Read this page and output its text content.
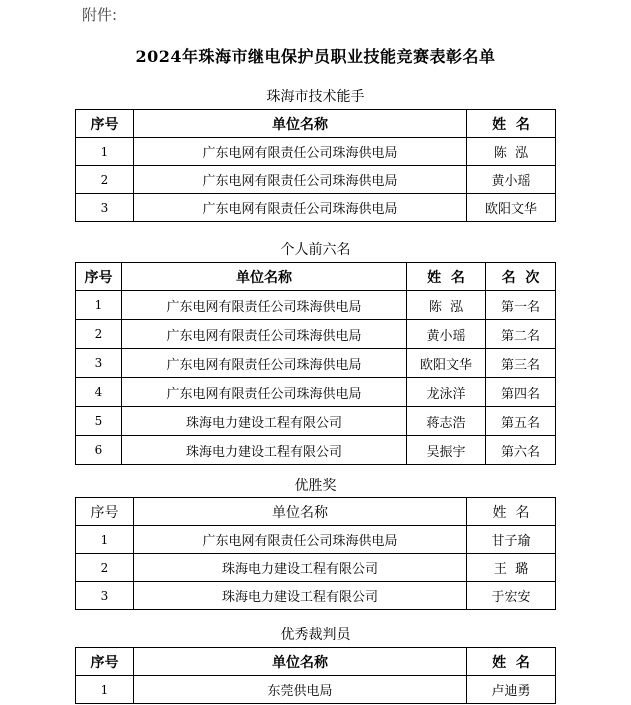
附件:
2024年珠海市继电保护员职业技能竞赛表彰名单
珠海市技术能手
序号	单位名称	姓  名
1	广东电网有限责任公司珠海供电局	陈  泓
2	广东电网有限责任公司珠海供电局	黄小瑶
3	广东电网有限责任公司珠海供电局	欧阳文华
个人前六名
序号	单位名称	姓  名	名  次
1	广东电网有限责任公司珠海供电局	陈  泓	第一名
2	广东电网有限责任公司珠海供电局	黄小瑶	第二名
3	广东电网有限责任公司珠海供电局	欧阳文华	第三名
4	广东电网有限责任公司珠海供电局	龙泳洋	第四名
5	珠海电力建设工程有限公司	蒋志浩	第五名
6	珠海电力建设工程有限公司	吴振宇	第六名
优胜奖
序号	单位名称	姓  名
1	广东电网有限责任公司珠海供电局	甘子瑜
2	珠海电力建设工程有限公司	王  璐
3	珠海电力建设工程有限公司	于宏安
优秀裁判员
序号	单位名称	姓  名
1	东莞供电局	卢迪勇
